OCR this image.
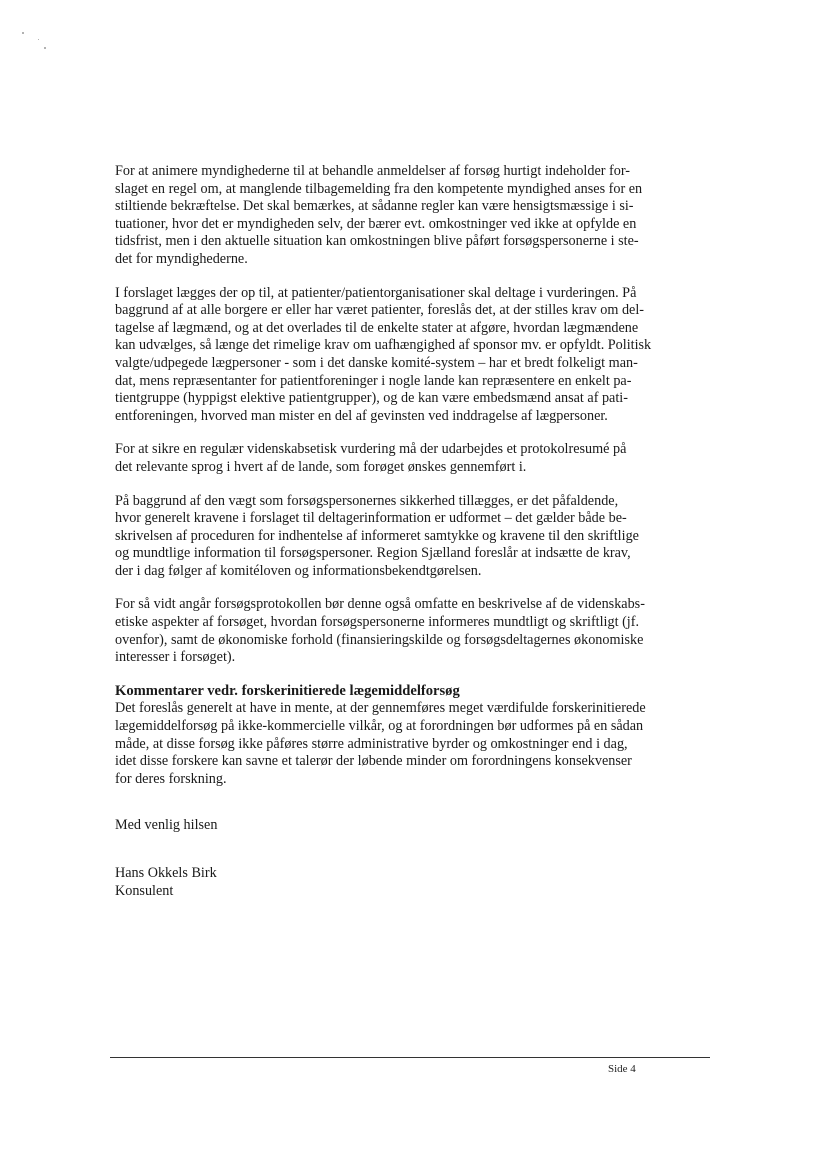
For at animere myndighederne til at behandle anmeldelser af forsøg hurtigt indeholder for-
slaget en regel om, at manglende tilbagemelding fra den kompetente myndighed anses for en
stiltiende bekræftelse. Det skal bemærkes, at sådanne regler kan være hensigtsmæssige i si-
tuationer, hvor det er myndigheden selv, der bærer evt. omkostninger ved ikke at opfylde en
tidsfrist, men i den aktuelle situation kan omkostningen blive påført forsøgspersonerne i ste-
det for myndighederne.

I forslaget lægges der op til, at patienter/patientorganisationer skal deltage i vurderingen. På
baggrund af at alle borgere er eller har været patienter, foreslås det, at der stilles krav om del-
tagelse af lægmænd, og at det overlades til de enkelte stater at afgøre, hvordan lægmændene
kan udvælges, så længe det rimelige krav om uafhængighed af sponsor mv. er opfyldt. Politisk
valgte/udpegede lægpersoner - som i det danske komité-system – har et bredt folkeligt man-
dat, mens repræsentanter for patientforeninger i nogle lande kan repræsentere en enkelt pa-
tientgruppe (hyppigst elektive patientgrupper), og de kan være embedsmænd ansat af pati-
entforeningen, hvorved man mister en del af gevinsten ved inddragelse af lægpersoner.

For at sikre en regulær videnskabsetisk vurdering må der udarbejdes et protokolresumé på
det relevante sprog i hvert af de lande, som forøget ønskes gennemført i.

På baggrund af den vægt som forsøgspersonernes sikkerhed tillægges, er det påfaldende,
hvor generelt kravene i forslaget til deltagerinformation er udformet – det gælder både be-
skrivelsen af proceduren for indhentelse af informeret samtykke og kravene til den skriftlige
og mundtlige information til forsøgspersoner. Region Sjælland foreslår at indsætte de krav,
der i dag følger af komitéloven og informationsbekendtgørelsen.

For så vidt angår forsøgsprotokollen bør denne også omfatte en beskrivelse af de videnskabs-
etiske aspekter af forsøget, hvordan forsøgspersonerne informeres mundtligt og skriftligt (jf.
ovenfor), samt de økonomiske forhold (finansieringskilde og forsøgsdeltagernes økonomiske
interesser i forsøget).

Kommentarer vedr. forskerinitierede lægemiddelforsøg

Det foreslås generelt at have in mente, at der gennemføres meget værdifulde forskerinitierede
lægemiddelforsøg på ikke-kommercielle vilkår, og at forordningen bør udformes på en sådan
måde, at disse forsøg ikke påføres større administrative byrder og omkostninger end i dag,
idet disse forskere kan savne et talerør der løbende minder om forordningens konsekvenser
for deres forskning.

Med venlig hilsen

Hans Okkels Birk
Konsulent
Side 4
